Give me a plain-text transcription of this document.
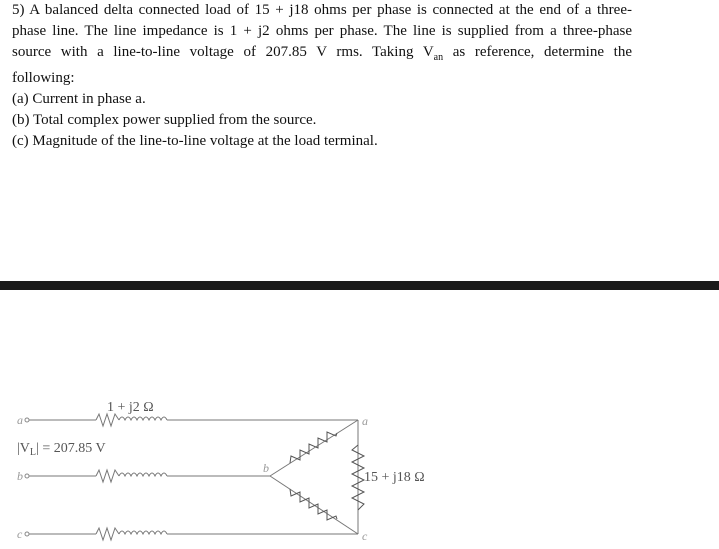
5) A balanced delta connected load of 15 + j18 ohms per phase is connected at the end of a three-

phase line. The line impedance is 1 + j2 ohms per phase. The line is supplied from a three-phase

source with a line-to-line voltage of 207.85 V rms. Taking $V_{an}$ as reference, determine the

following:

(a) Current in phase a.

(b) Total complex power supplied from the source.

(c) Magnitude of the line-to-line voltage at the load terminal.

1 + j2 Ω
$|V_L| = 207.85$ V
15 + j18 Ω
a
b
c
a
b
c
